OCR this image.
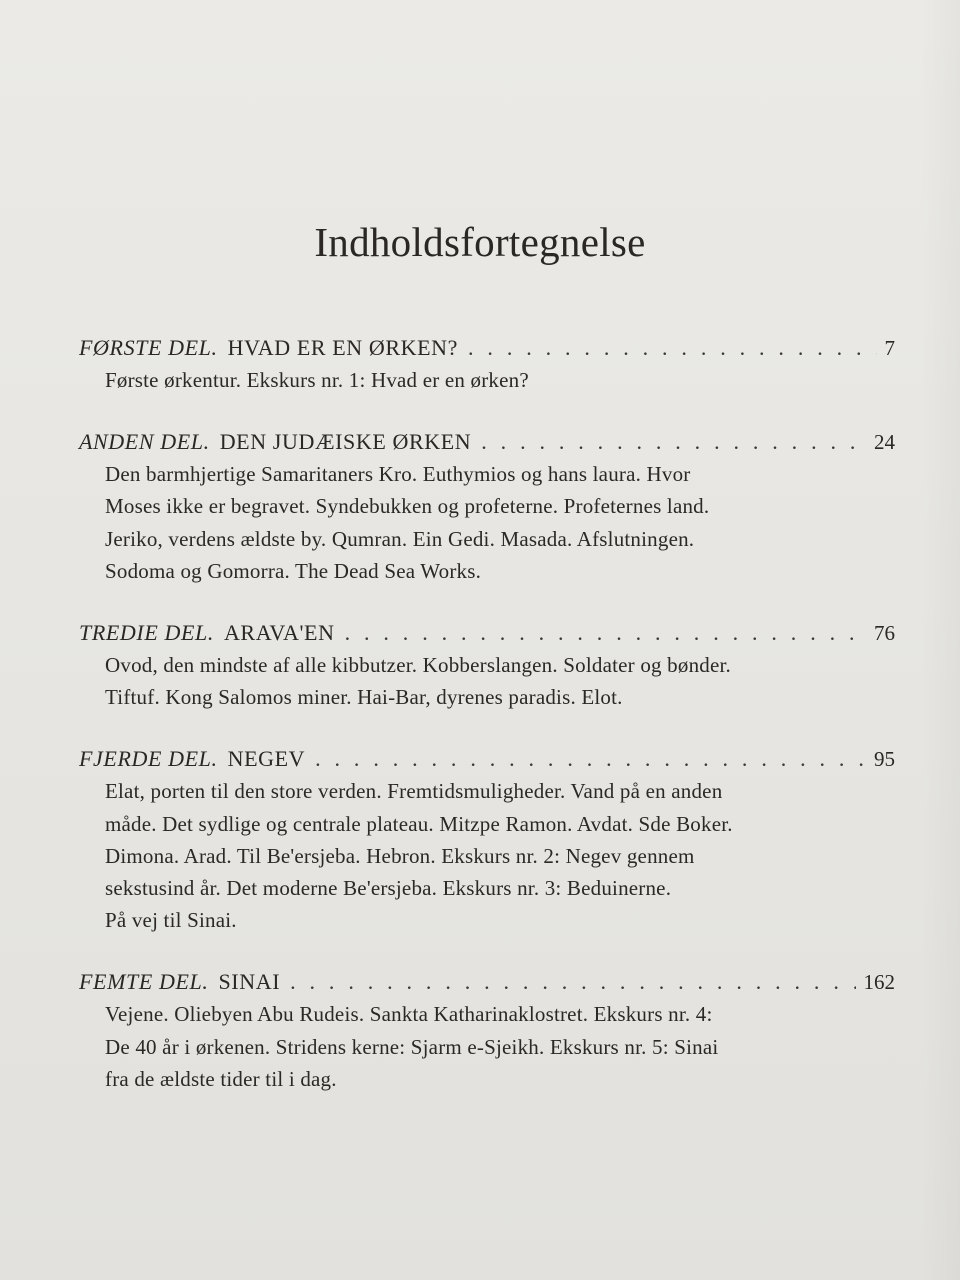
Indholdsfortegnelse
FØRSTE DEL. HVAD ER EN ØRKEN? . . .	7

Første ørkentur. Ekskurs nr. 1: Hvad er en ørken?

ANDEN DEL. DEN JUDÆISKE ØRKEN . . .	24

Den barmhjertige Samaritaners Kro. Euthymios og hans laura. Hvor
Moses ikke er begravet. Syndebukken og profeterne. Profeternes land.
Jeriko, verdens ældste by. Qumran. Ein Gedi. Masada. Afslutningen.
Sodoma og Gomorra. The Dead Sea Works.

TREDIE DEL. ARAVA'EN . . .	76

Ovod, den mindste af alle kibbutzer. Kobberslangen. Soldater og bønder.
Tiftuf. Kong Salomos miner. Hai-Bar, dyrenes paradis. Elot.

FJERDE DEL. NEGEV . . .	95

Elat, porten til den store verden. Fremtidsmuligheder. Vand på en anden
måde. Det sydlige og centrale plateau. Mitzpe Ramon. Avdat. Sde Boker.
Dimona. Arad. Til Be'ersjeba. Hebron. Ekskurs nr. 2: Negev gennem
sekstusind år. Det moderne Be'ersjeba. Ekskurs nr. 3: Beduinerne.
På vej til Sinai.

FEMTE DEL. SINAI . . .	162

Vejene. Oliebyen Abu Rudeis. Sankta Katharinaklostret. Ekskurs nr. 4:
De 40 år i ørkenen. Stridens kerne: Sjarm e-Sjeikh. Ekskurs nr. 5: Sinai
fra de ældste tider til i dag.
